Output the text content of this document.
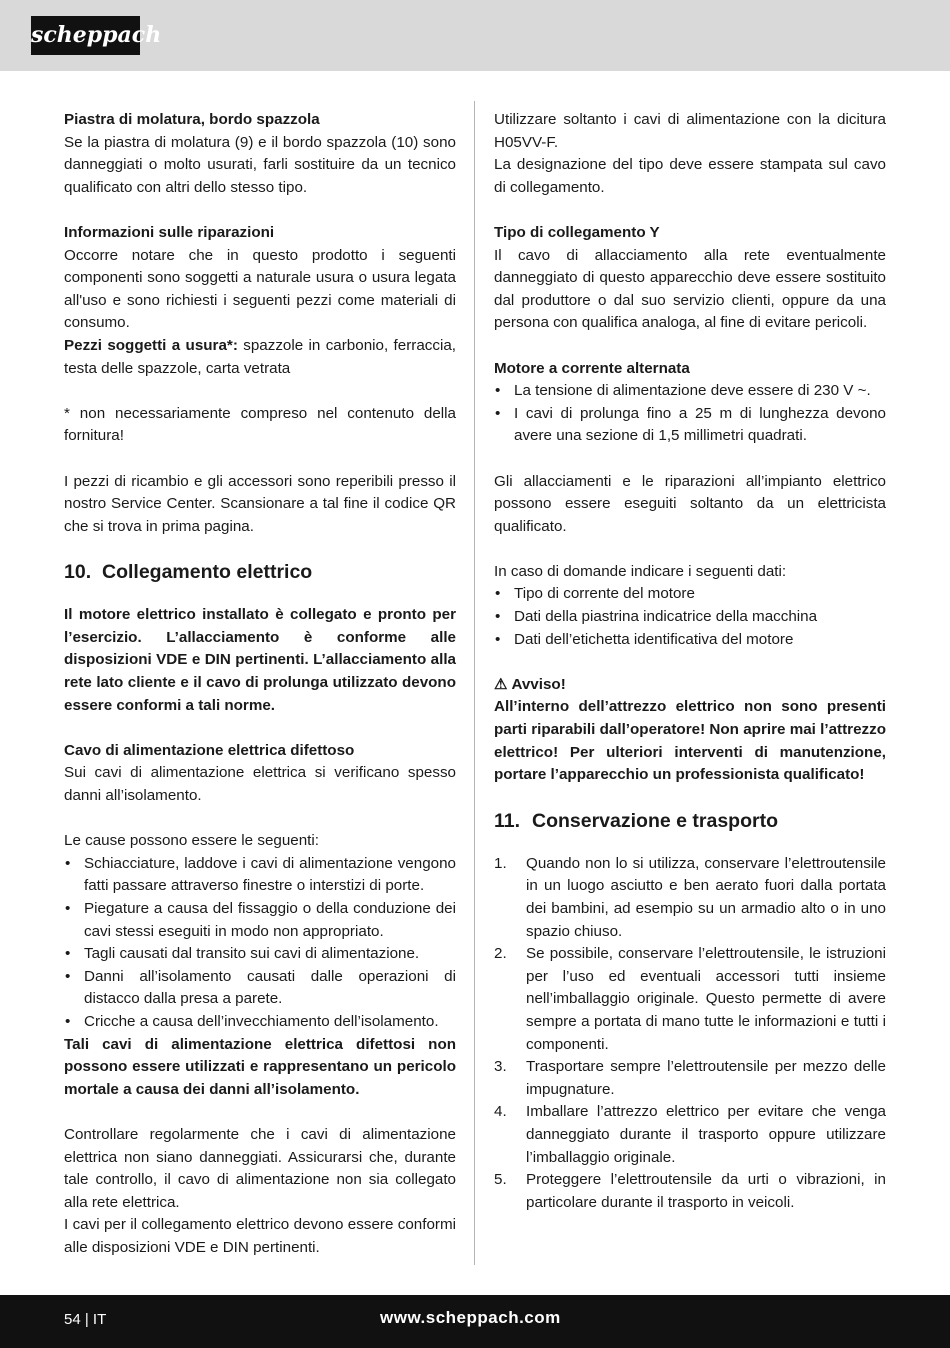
scheppach

Piastra di molatura, bordo spazzola

Se la piastra di molatura (9) e il bordo spazzola (10) sono danneggiati o molto usurati, farli sostituire da un tecnico qualificato con altri dello stesso tipo.

Informazioni sulle riparazioni

Occorre notare che in questo prodotto i seguenti componenti sono soggetti a naturale usura o usura legata all'uso e sono richiesti i seguenti pezzi come materiali di consumo.

Pezzi soggetti a usura*: spazzole in carbonio, ferraccia, testa delle spazzole, carta vetrata

* non necessariamente compreso nel contenuto della fornitura!

I pezzi di ricambio e gli accessori sono reperibili presso il nostro Service Center. Scansionare a tal fine il codice QR che si trova in prima pagina.

10. Collegamento elettrico

Il motore elettrico installato è collegato e pronto per l’esercizio. L’allacciamento è conforme alle disposizioni VDE e DIN pertinenti. L’allacciamento alla rete lato cliente e il cavo di prolunga utilizzato devono essere conformi a tali norme.

Cavo di alimentazione elettrica difettoso

Sui cavi di alimentazione elettrica si verificano spesso danni all’isolamento.

Le cause possono essere le seguenti:

• Schiacciature, laddove i cavi di alimentazione vengono fatti passare attraverso finestre o interstizi di porte.
• Piegature a causa del fissaggio o della conduzione dei cavi stessi eseguiti in modo non appropriato.
• Tagli causati dal transito sui cavi di alimentazione.
• Danni all’isolamento causati dalle operazioni di distacco dalla presa a parete.
• Cricche a causa dell’invecchiamento dell’isolamento.

Tali cavi di alimentazione elettrica difettosi non possono essere utilizzati e rappresentano un pericolo mortale a causa dei danni all’isolamento.

Controllare regolarmente che i cavi di alimentazione elettrica non siano danneggiati. Assicurarsi che, durante tale controllo, il cavo di alimentazione non sia collegato alla rete elettrica.

I cavi per il collegamento elettrico devono essere conformi alle disposizioni VDE e DIN pertinenti.

Utilizzare soltanto i cavi di alimentazione con la dicitura H05VV-F.

La designazione del tipo deve essere stampata sul cavo di collegamento.

Tipo di collegamento Y

Il cavo di allacciamento alla rete eventualmente danneggiato di questo apparecchio deve essere sostituito dal produttore o dal suo servizio clienti, oppure da una persona con qualifica analoga, al fine di evitare pericoli.

Motore a corrente alternata

• La tensione di alimentazione deve essere di 230 V ~.
• I cavi di prolunga fino a 25 m di lunghezza devono avere una sezione di 1,5 millimetri quadrati.

Gli allacciamenti e le riparazioni all’impianto elettrico possono essere eseguiti soltanto da un elettricista qualificato.

In caso di domande indicare i seguenti dati:

• Tipo di corrente del motore
• Dati della piastrina indicatrice della macchina
• Dati dell’etichetta identificativa del motore

⚠ Avviso!

All’interno dell’attrezzo elettrico non sono presenti parti riparabili dall’operatore! Non aprire mai l’attrezzo elettrico! Per ulteriori interventi di manutenzione, portare l’apparecchio un professionista qualificato!

11. Conservazione e trasporto
1. Quando non lo si utilizza, conservare l’elettroutensile in un luogo asciutto e ben aerato fuori dalla portata dei bambini, ad esempio su un armadio alto o in uno spazio chiuso.
2. Se possibile, conservare l’elettroutensile, le istruzioni per l’uso ed eventuali accessori tutti insieme nell’imballaggio originale. Questo permette di avere sempre a portata di mano tutte le informazioni e tutti i componenti.
3. Trasportare sempre l’elettroutensile per mezzo delle impugnature.
4. Imballare l’attrezzo elettrico per evitare che venga danneggiato durante il trasporto oppure utilizzare l’imballaggio originale.
5. Proteggere l’elettroutensile da urti o vibrazioni, in particolare durante il trasporto in veicoli.
54 | IT	www.scheppach.com
